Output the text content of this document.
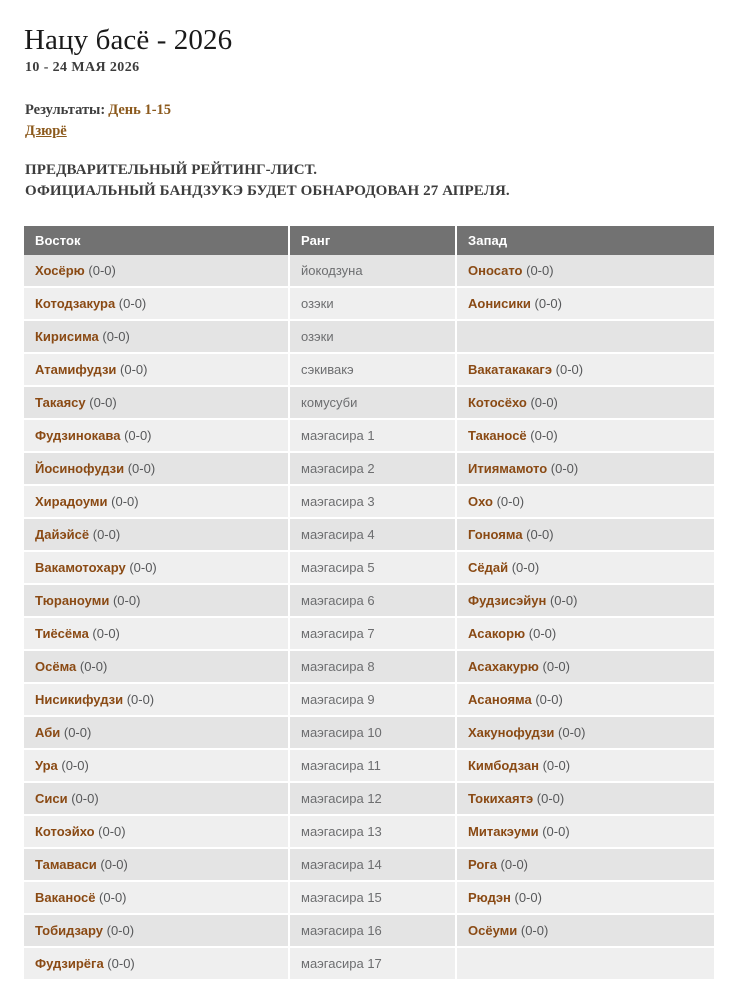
Нацу басё - 2026
10 - 24 МАЯ 2026
Результаты: День 1-15
Дзюрё
ПРЕДВАРИТЕЛЬНЫЙ РЕЙТИНГ-ЛИСТ.
ОФИЦИАЛЬНЫЙ БАНДЗУКЭ БУДЕТ ОБНАРОДОВАН 27 АПРЕЛЯ.
Восток	Ранг	Запад
Хосёрю (0-0)	йокодзуна	Оносато (0-0)
Котодзакура (0-0)	озэки	Аонисики (0-0)
Кирисима (0-0)	озэки	
Атамифудзи (0-0)	сэкивакэ	Вакатакакагэ (0-0)
Такаясу (0-0)	комусуби	Котосёхо (0-0)
Фудзинокава (0-0)	маэгасира 1	Таканосё (0-0)
Йосинофудзи (0-0)	маэгасира 2	Итиямамото (0-0)
Хирадоуми (0-0)	маэгасира 3	Охо (0-0)
Дайэйсё (0-0)	маэгасира 4	Гонояма (0-0)
Вакамотохару (0-0)	маэгасира 5	Сёдай (0-0)
Тюраноуми (0-0)	маэгасира 6	Фудзисэйун (0-0)
Тиёсёма (0-0)	маэгасира 7	Асакорю (0-0)
Осёма (0-0)	маэгасира 8	Асахакурю (0-0)
Нисикифудзи (0-0)	маэгасира 9	Асанояма (0-0)
Аби (0-0)	маэгасира 10	Хакунофудзи (0-0)
Ура (0-0)	маэгасира 11	Кимбодзан (0-0)
Сиси (0-0)	маэгасира 12	Токихаятэ (0-0)
Котоэйхо (0-0)	маэгасира 13	Митакэуми (0-0)
Тамаваси (0-0)	маэгасира 14	Рога (0-0)
Ваканосё (0-0)	маэгасира 15	Рюдэн (0-0)
Тобидзару (0-0)	маэгасира 16	Осёуми (0-0)
Фудзирёга (0-0)	маэгасира 17	
